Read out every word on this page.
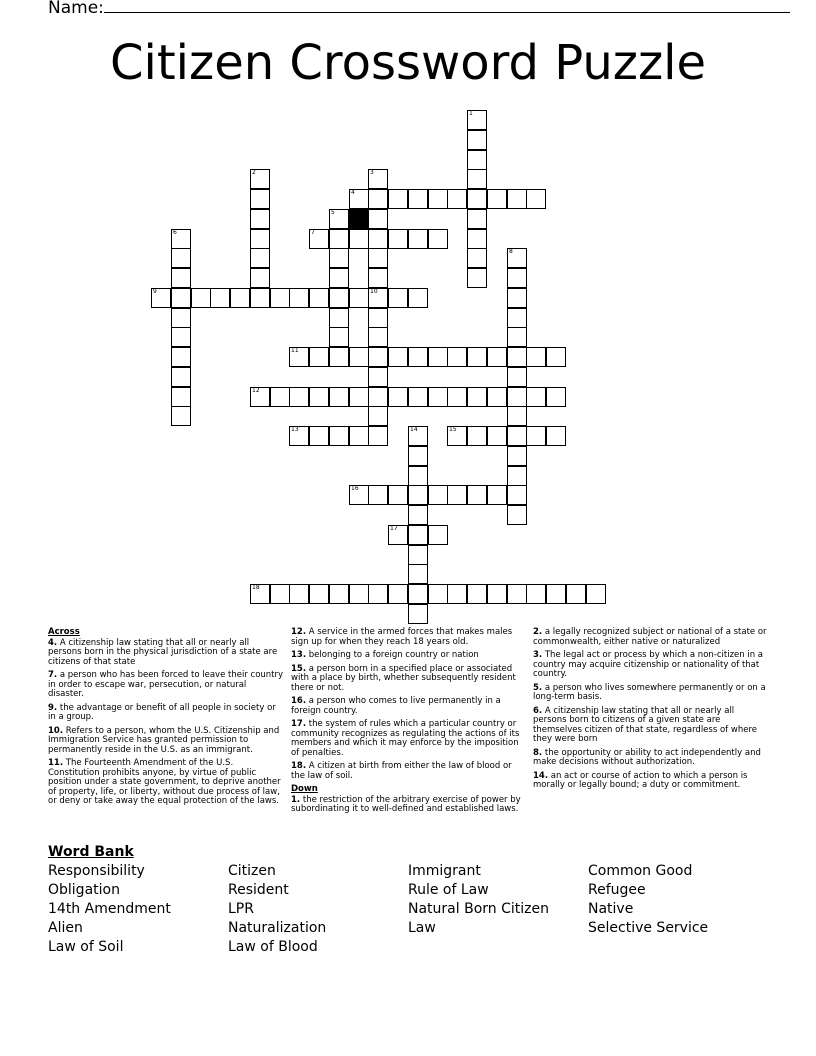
Name:
Citizen Crossword Puzzle
4
7
9	10
11
12
13	15
16
17
18
1
2	3
5
6
8
14
Across
4. A citizenship law stating that all or nearly all persons born in the physical jurisdiction of a state are citizens of that state
7. a person who has been forced to leave their country in order to escape war, persecution, or natural disaster.
9. the advantage or benefit of all people in society or in a group.
10. Refers to a person, whom the U.S. Citizenship and Immigration Service has granted permission to permanently reside in the U.S. as an immigrant.
11. The Fourteenth Amendment of the U.S. Constitution prohibits anyone, by virtue of public position under a state government, to deprive another of property, life, or liberty, without due process of law, or deny or take away the equal protection of the laws.
12. A service in the armed forces that makes males sign up for when they reach 18 years old.
13. belonging to a foreign country or nation
15. a person born in a specified place or associated with a place by birth, whether subsequently resident there or not.
16. a person who comes to live permanently in a foreign country.
17. the system of rules which a particular country or community recognizes as regulating the actions of its members and which it may enforce by the imposition of penalties.
18. A citizen at birth from either the law of blood or the law of soil.
Down
1. the restriction of the arbitrary exercise of power by subordinating it to well-defined and established laws.
2. a legally recognized subject or national of a state or commonwealth, either native or naturalized
3. The legal act or process by which a non-citizen in a country may acquire citizenship or nationality of that country.
5. a person who lives somewhere permanently or on a long-term basis.
6. A citizenship law stating that all or nearly all persons born to citizens of a given state are themselves citizen of that state, regardless of where they were born
8. the opportunity or ability to act independently and make decisions without authorization.
14. an act or course of action to which a person is morally or legally bound; a duty or commitment.
Word Bank
Responsibility	Citizen	Immigrant	Common Good
Obligation	Resident	Rule of Law	Refugee
14th Amendment	LPR	Natural Born Citizen	Native
Alien	Naturalization	Law	Selective Service
Law of Soil	Law of Blood
